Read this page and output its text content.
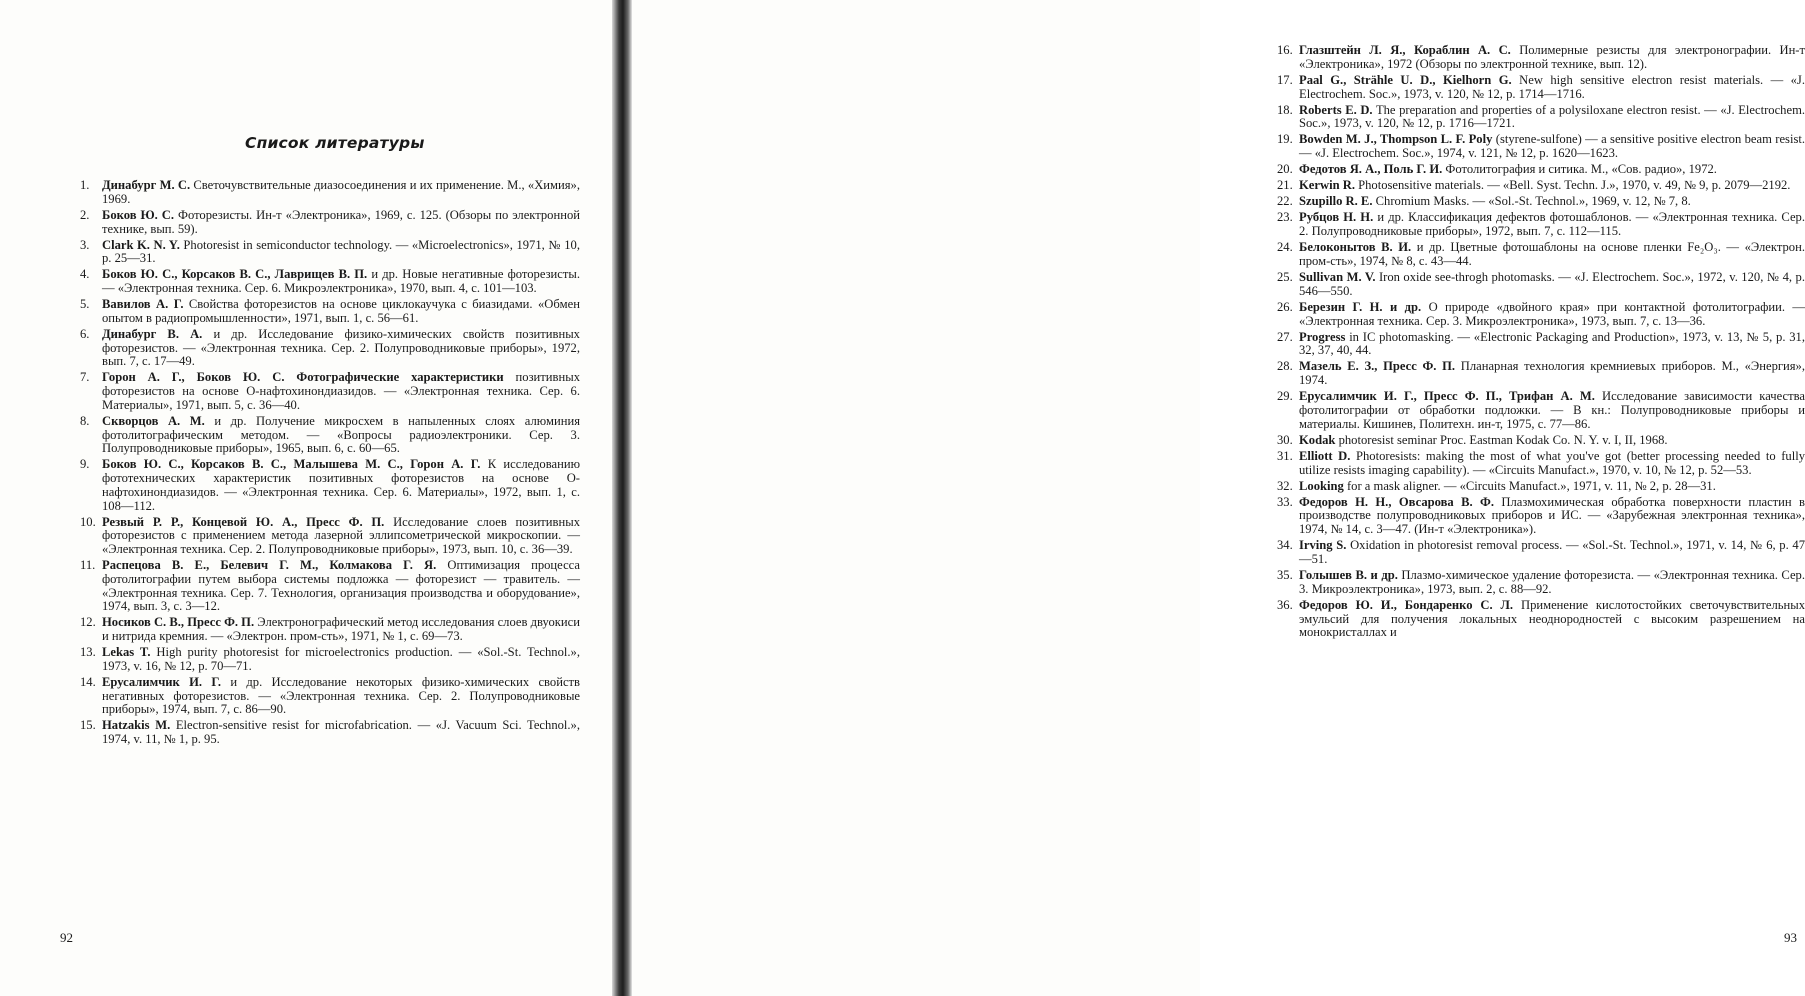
Список литературы
1. Динабург М. С. Светочувствительные диазосоединения и их применение. М., «Химия», 1969.
2. Боков Ю. С. Фоторезисты. Ин-т «Электроника», 1969, с. 125. (Обзоры по электронной технике, вып. 59).
3. Clark K. N. Y. Photoresist in semiconductor technology. — «Microelectronics», 1971, № 10, p. 25—31.
4. Боков Ю. С., Корсаков В. С., Лаврищев В. П. и др. Новые негативные фоторезисты. — «Электронная техника. Сер. 6. Микроэлектроника», 1970, вып. 4, с. 101—103.
5. Вавилов А. Г. Свойства фоторезистов на основе циклокаучука с биазидами. «Обмен опытом в радиопромышленности», 1971, вып. 1, с. 56—61.
6. Динабург В. А. и др. Исследование физико-химических свойств позитивных фоторезистов. — «Электронная техника. Сер. 2. Полупроводниковые приборы», 1972, вып. 7, с. 17—49.
7. Горон А. Г., Боков Ю. С. Фотографические характеристики позитивных фоторезистов на основе О-нафтохинондиазидов. — «Электронная техника. Сер. 6. Материалы», 1971, вып. 5, с. 36—40.
8. Скворцов А. М. и др. Получение микросхем в напыленных слоях алюминия фотолитографическим методом. — «Вопросы радиоэлектроники. Сер. 3. Полупроводниковые приборы», 1965, вып. 6, с. 60—65.
9. Боков Ю. С., Корсаков В. С., Малышева М. С., Горон А. Г. К исследованию фототехнических характеристик позитивных фоторезистов на основе О-нафтохинондиазидов. — «Электронная техника. Сер. 6. Материалы», 1972, вып. 1, с. 108—112.
10. Резвый Р. Р., Концевой Ю. А., Пресс Ф. П. Исследование слоев позитивных фоторезистов с применением метода лазерной эллипсометрической микроскопии. — «Электронная техника. Сер. 2. Полупроводниковые приборы», 1973, вып. 10, с. 36—39.
11. Распецова В. Е., Белевич Г. М., Колмакова Г. Я. Оптимизация процесса фотолитографии путем выбора системы подложка — фоторезист — травитель. — «Электронная техника. Сер. 7. Технология, организация производства и оборудование», 1974, вып. 3, с. 3—12.
12. Носиков С. В., Пресс Ф. П. Электронографический метод исследования слоев двуокиси и нитрида кремния. — «Электрон. пром-сть», 1971, № 1, с. 69—73.
13. Lekas T. High purity photoresist for microelectronics production. — «Sol.-St. Technol.», 1973, v. 16, № 12, p. 70—71.
14. Ерусалимчик И. Г. и др. Исследование некоторых физико-химических свойств негативных фоторезистов. — «Электронная техника. Сер. 2. Полупроводниковые приборы», 1974, вып. 7, с. 86—90.
15. Hatzakis M. Electron-sensitive resist for microfabrication. — «J. Vacuum Sci. Technol.», 1974, v. 11, № 1, p. 95.
92
16. Глазштейн Л. Я., Кораблин А. С. Полимерные резисты для электронографии. Ин-т «Электроника», 1972 (Обзоры по электронной технике, вып. 12).
17. Paal G., Strähle U. D., Kielhorn G. New high sensitive electron resist materials. — «J. Electrochem. Soc.», 1973, v. 120, № 12, p. 1714—1716.
18. Roberts E. D. The preparation and properties of a polysiloxane electron resist. — «J. Electrochem. Soc.», 1973, v. 120, № 12, p. 1716—1721.
19. Bowden M. J., Thompson L. F. Poly (styrene-sulfone) — a sensitive positive electron beam resist. — «J. Electrochem. Soc.», 1974, v. 121, № 12, p. 1620—1623.
20. Федотов Я. А., Поль Г. И. Фотолитография и ситика. М., «Сов. радио», 1972.
21. Kerwin R. Photosensitive materials. — «Bell. Syst. Techn. J.», 1970, v. 49, № 9, p. 2079—2192.
22. Szupillo R. E. Chromium Masks. — «Sol.-St. Technol.», 1969, v. 12, № 7, 8.
23. Рубцов Н. Н. и др. Классификация дефектов фотошаблонов. — «Электронная техника. Сер. 2. Полупроводниковые приборы», 1972, вып. 7, с. 112—115.
24. Белоконытов В. И. и др. Цветные фотошаблоны на основе пленки Fe₂O₃. — «Электрон. пром-сть», 1974, № 8, с. 43—44.
25. Sullivan M. V. Iron oxide see-throgh photomasks. — «J. Electrochem. Soc.», 1972, v. 120, № 4, p. 546—550.
26. Березин Г. Н. и др. О природе «двойного края» при контактной фотолитографии. — «Электронная техника. Сер. 3. Микроэлектроника», 1973, вып. 7, с. 13—36.
27. Progress in IC photomasking. — «Electronic Packaging and Production», 1973, v. 13, № 5, p. 31, 32, 37, 40, 44.
28. Мазель Е. З., Пресс Ф. П. Планарная технология кремниевых приборов. М., «Энергия», 1974.
29. Ерусалимчик И. Г., Пресс Ф. П., Трифан А. М. Исследование зависимости качества фотолитографии от обработки подложки. — В кн.: Полупроводниковые приборы и материалы. Кишинев, Политехн. ин-т, 1975, с. 77—86.
30. Kodak photoresist seminar Proc. Eastman Kodak Co. N. Y. v. I, II, 1968.
31. Elliott D. Photoresists: making the most of what you've got (better processing needed to fully utilize resists imaging capability). — «Circuits Manufact.», 1970, v. 10, № 12, p. 52—53.
32. Looking for a mask aligner. — «Circuits Manufact.», 1971, v. 11, № 2, p. 28—31.
33. Федоров Н. Н., Овсарова В. Ф. Плазмохимическая обработка поверхности пластин в производстве полупроводниковых приборов и ИС. — «Зарубежная электронная техника», 1974, № 14, с. 3—47. (Ин-т «Электроника»).
34. Irving S. Oxidation in photoresist removal process. — «Sol.-St. Technol.», 1971, v. 14, № 6, p. 47—51.
35. Голышев В. и др. Плазмо-химическое удаление фоторезиста. — «Электронная техника. Сер. 3. Микроэлектроника», 1973, вып. 2, с. 88—92.
36. Федоров Ю. И., Бондаренко С. Л. Применение кислотостойких светочувствительных эмульсий для получения локальных неоднородностей с высоким разрешением на монокристаллах и
93
